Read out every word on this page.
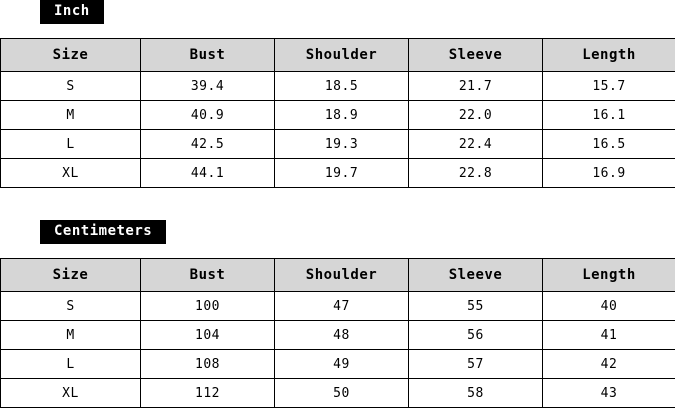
Inch
Size	Bust	Shoulder	Sleeve	Length
S	39.4	18.5	21.7	15.7
M	40.9	18.9	22.0	16.1
L	42.5	19.3	22.4	16.5
XL	44.1	19.7	22.8	16.9
Centimeters
Size	Bust	Shoulder	Sleeve	Length
S	100	47	55	40
M	104	48	56	41
L	108	49	57	42
XL	112	50	58	43
